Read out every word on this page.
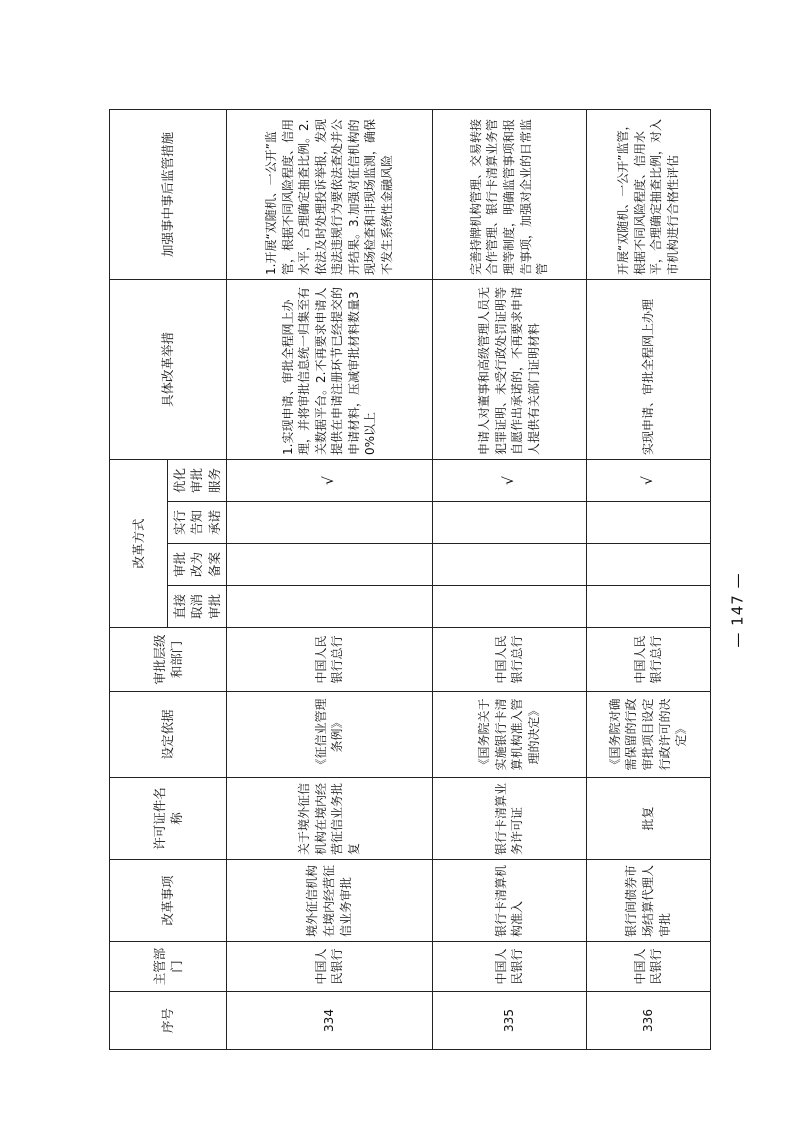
序号	主管部门	改革事项	许可证件名称	设定依据	审批层级和部门	改革方式				具体改革举措	加强事中事后监管措施
						直接取消审批	审批改为备案	实行告知承诺	优化审批服务		
334	中国人民银行	境外征信机构在境内经营征信业务审批	关于境外征信机构在境内经营征信业务批复	《征信业管理条例》	中国人民银行总行				√	1.实现申请、审批全程网上办理，并将审批信息统一归集至有关数据平台。2.不再要求申请人提供在申请注册环节已经提交的申请材料，压减审批材料数量30%以上	1.开展“双随机、一公开”监管，根据不同风险程度、信用水平，合理确定抽查比例。2.依法及时处理投诉举报，发现违法违规行为要依法查处并公开结果。3.加强对征信机构的现场检查和非现场监测，确保不发生系统性金融风险
335	中国人民银行	银行卡清算机构准入	银行卡清算业务许可证	《国务院关于实施银行卡清算机构准入管理的决定》	中国人民银行总行				√	申请人对董事和高级管理人员无犯罪证明、未受行政处罚证明等自愿作出承诺的，不再要求申请人提供有关部门证明材料	完善持牌机构管理、交易转接合作管理、银行卡清算业务管理等制度，明确监管事项和报告事项，加强对企业的日常监管
336	中国人民银行	银行间债券市场结算代理人审批	批复	《国务院对确需保留的行政审批项目设定行政许可的决定》	中国人民银行总行				√	实现申请、审批全程网上办理	开展“双随机、一公开”监管，根据不同风险程度、信用水平，合理确定抽查比例，对入市机构进行合格性评估
— 147 —
